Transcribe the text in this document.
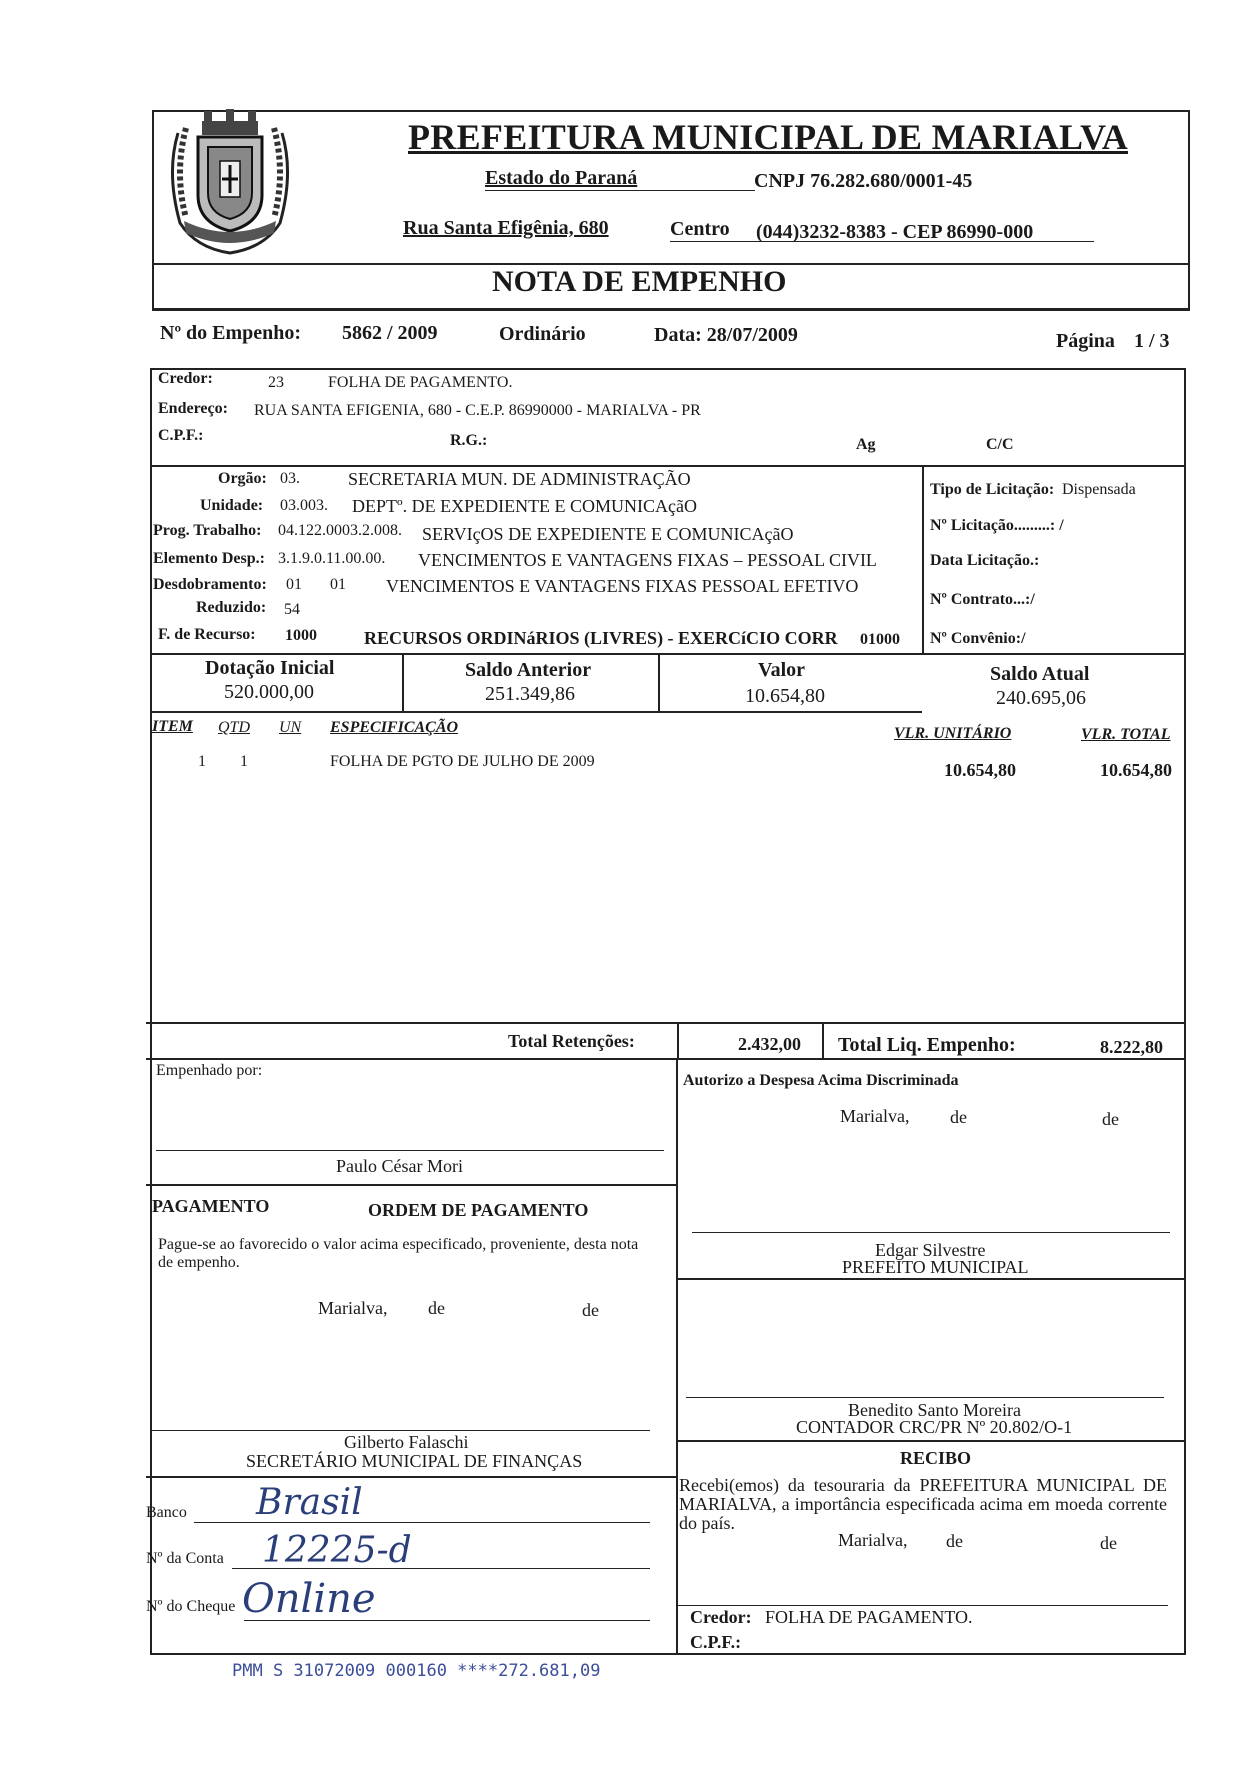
PREFEITURA MUNICIPAL DE MARIALVA
Estado do Paraná	CNPJ 76.282.680/0001-45
Rua Santa Efigênia, 680	Centro (044)3232-8383 - CEP 86990-000
NOTA DE EMPENHO
Nº do Empenho: 5862 / 2009	Ordinário	Data: 28/07/2009	Página 1 / 3
Credor:	23	FOLHA DE PAGAMENTO.
Endereço: RUA SANTA EFIGENIA, 680 - C.E.P. 86990000 - MARIALVA - PR
C.P.F.:	R.G.:	Ag	C/C
Orgão: 03.	SECRETARIA MUN. DE ADMINISTRAÇÃO
Unidade: 03.003. DEPTº. DE EXPEDIENTE E COMUNICAçãO
Prog. Trabalho: 04.122.0003.2.008. SERVIçOS DE EXPEDIENTE E COMUNICAçãO
Elemento Desp.: 3.1.9.0.11.00.00. VENCIMENTOS E VANTAGENS FIXAS – PESSOAL CIVIL
Desdobramento: 01 01 VENCIMENTOS E VANTAGENS FIXAS PESSOAL EFETIVO
Reduzido: 54
F. de Recurso: 1000	RECURSOS ORDINáRIOS (LIVRES) - EXERCíCIO CORR 01000
Tipo de Licitação: Dispensada
Nº Licitação.........: /
Data Licitação.:
Nº Contrato...:/
Nº Convênio:/
Dotação Inicial
520.000,00
Saldo Anterior
251.349,86
Valor
10.654,80
Saldo Atual
240.695,06
ITEM QTD UN ESPECIFICAÇÃO	VLR. UNITÁRIO	VLR. TOTAL
1 1	FOLHA DE PGTO DE JULHO DE 2009	10.654,80	10.654,80
Total Retenções:	2.432,00 Total Liq. Empenho:	8.222,80
Empenhado por:
Paulo César Mori
Autorizo a Despesa Acima Discriminada
Marialva, de	de
PAGAMENTO	ORDEM DE PAGAMENTO
Pague-se ao favorecido o valor acima especificado, proveniente, desta nota de empenho.
Marialva, de	de
Edgar Silvestre
PREFEITO MUNICIPAL
Benedito Santo Moreira
CONTADOR CRC/PR Nº 20.802/O-1
Gilberto Falaschi
SECRETÁRIO MUNICIPAL DE FINANÇAS	RECIBO
Recebi(emos) da tesouraria da PREFEITURA MUNICIPAL DE MARIALVA, a importância especificada acima em moeda corrente do país.
Marialva, de	de
Credor: FOLHA DE PAGAMENTO.
C.P.F.:
Banco Brasil
Nº da Conta 12225-d
Nº do Cheque Online
PMM S 31072009 000160 ****272.681,09
